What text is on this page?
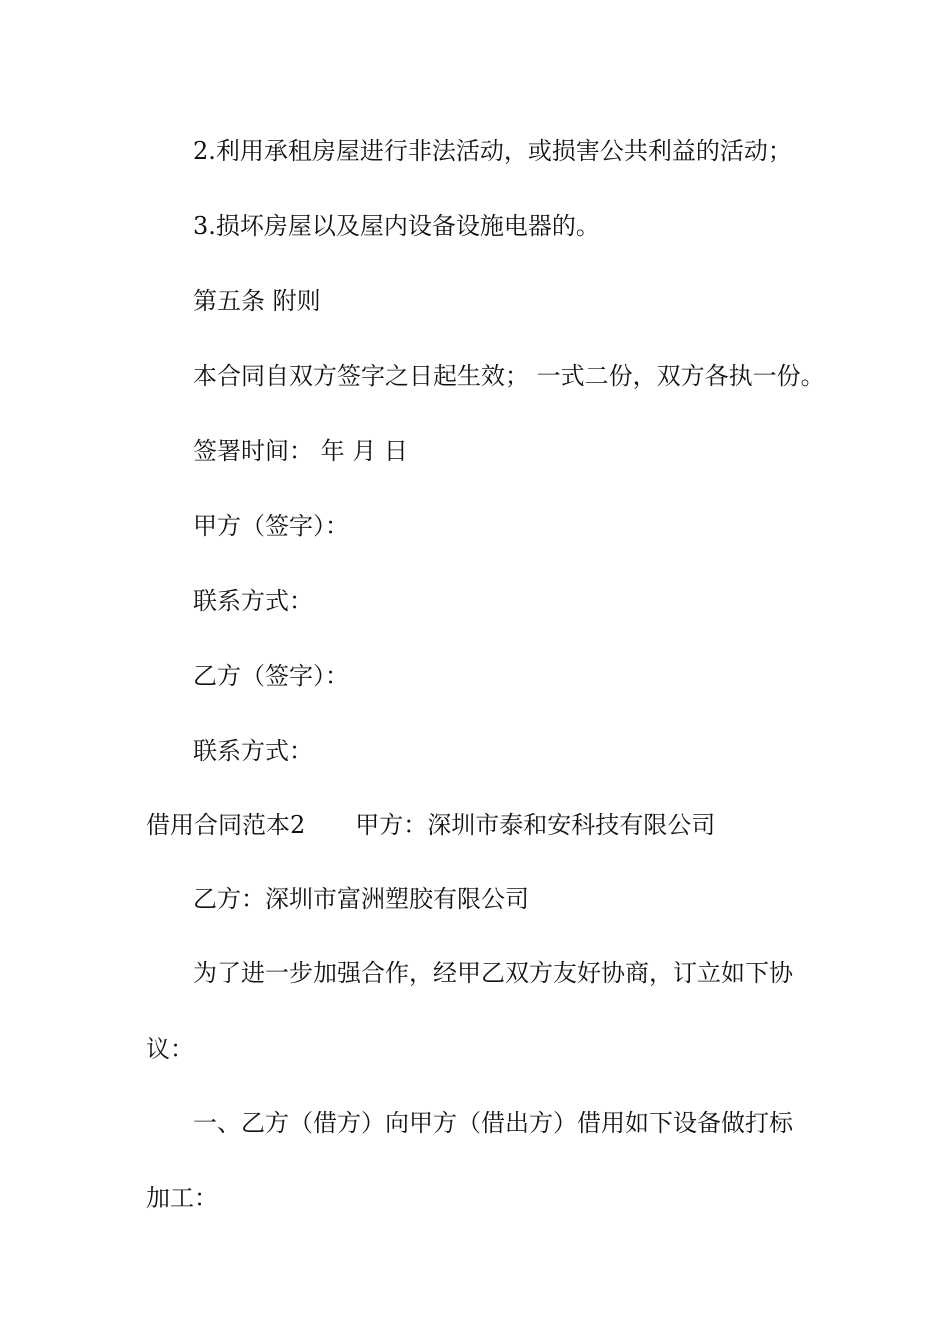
2.利用承租房屋进行非法活动，或损害公共利益的活动；
3.损坏房屋以及屋内设备设施电器的。
第五条 附则
本合同自双方签字之日起生效； 一式二份，双方各执一份。
签署时间： 年 月 日
甲方（签字）：
联系方式：
乙方（签字）：
联系方式：
借用合同范本2 甲方：深圳市泰和安科技有限公司
乙方：深圳市富洲塑胶有限公司
为了进一步加强合作，经甲乙双方友好协商，订立如下协
议：
一、乙方（借方）向甲方（借出方）借用如下设备做打标
加工：
